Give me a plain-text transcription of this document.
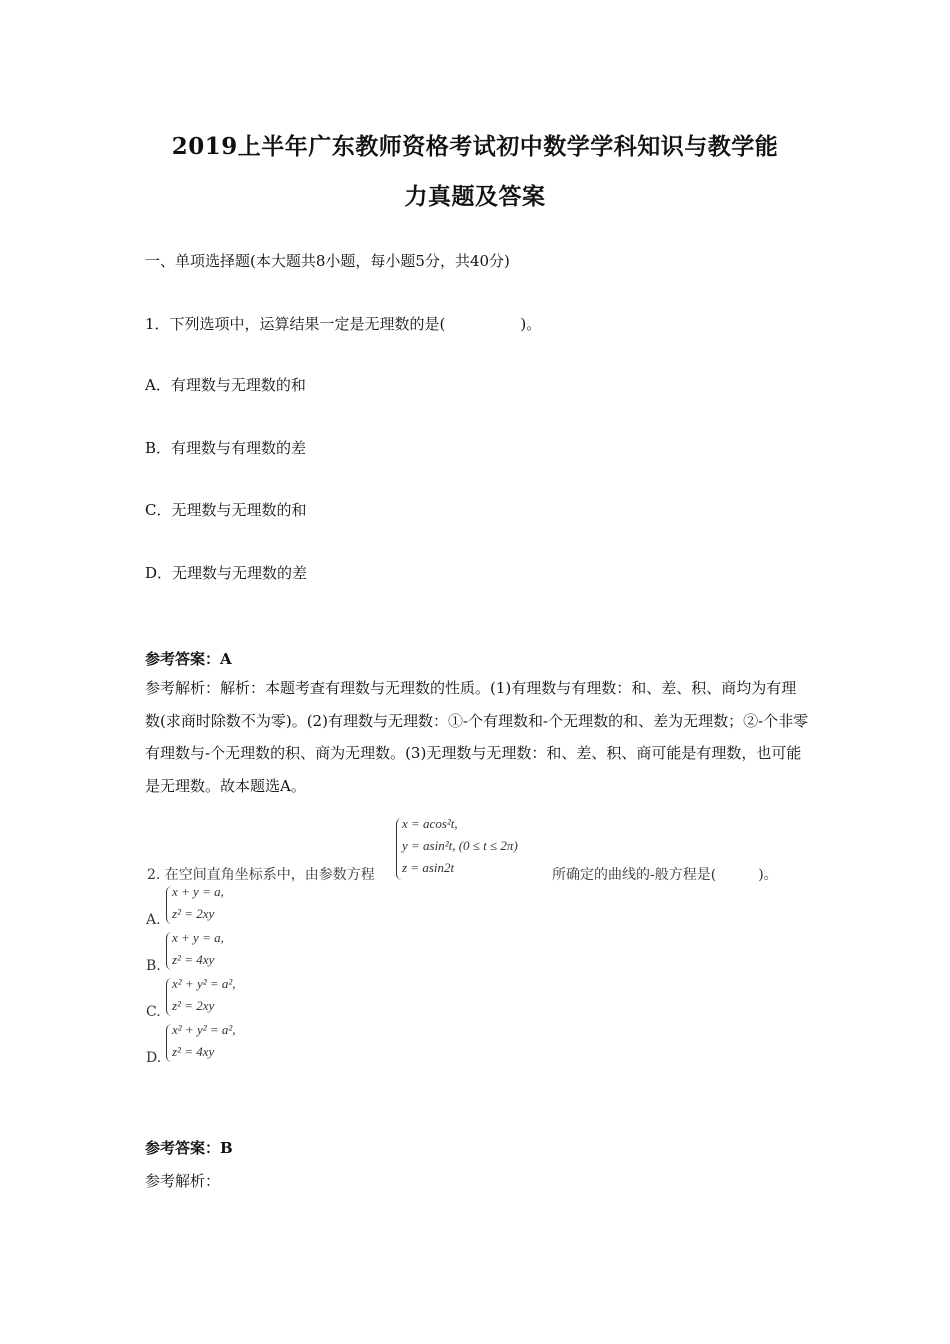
2019上半年广东教师资格考试初中数学学科知识与教学能
力真题及答案
一、单项选择题(本大题共8小题，每小题5分，共40分)
1．下列选项中，运算结果一定是无理数的是(　　　　　)。
A．有理数与无理数的和
B．有理数与有理数的差
C．无理数与无理数的和
D．无理数与无理数的差
参考答案：A
参考解析：解析：本题考查有理数与无理数的性质。(1)有理数与有理数：和、差、积、商均为有理数(求商时除数不为零)。(2)有理数与无理数：①-个有理数和-个无理数的和、差为无理数；②-个非零有理数与-个无理数的积、商为无理数。(3)无理数与无理数：和、差、积、商可能是有理数，也可能是无理数。故本题选A。
2. 在空间直角坐标系中，由参数方程
x = acos²t,
y = asin²t, (0 ≤ t ≤ 2π)
z = asin2t	所确定的曲线的-般方程是(　　　)。
A.
x + y = a,
z² = 2xy
B.
x + y = a,
z² = 4xy
C.
x² + y² = a²,
z² = 2xy
D.
x² + y² = a²,
z² = 4xy
参考答案：B
参考解析：
